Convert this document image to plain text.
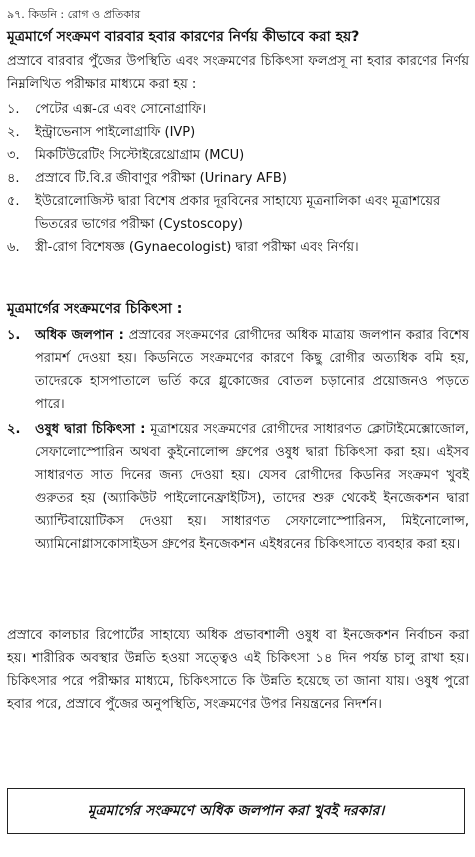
৯৭. কিডনি : রোগ ও প্রতিকার
মূত্রমার্গে সংক্রমণ বারবার হবার কারণের নির্ণয় কীভাবে করা হয়?
প্রস্রাবে বারবার পুঁজের উপস্থিতি এবং সংক্রমণের চিকিৎসা ফলপ্রসূ না হবার কারণের নির্ণয় নিম্নলিখিত পরীক্ষার মাধ্যমে করা হয় :
১.	পেটের এক্স-রে এবং সোনোগ্রাফি।
২.	ইন্ট্রাভেনাস পাইলোগ্রাফি (IVP)
৩.	মিকটিউরেটিং সিস্টোইরেথ্রোগ্রাম (MCU)
৪.	প্রস্রাবে টি.বি.র জীবাণুর পরীক্ষা (Urinary AFB)
৫.	ইউরোলোজিস্ট দ্বারা বিশেষ প্রকার দূরবিনের সাহায্যে মূত্রনালিকা এবং মূত্রাশয়ের ভিতরের ভাগের পরীক্ষা (Cystoscopy)
৬.	স্ত্রী-রোগ বিশেষজ্ঞ (Gynaecologist) দ্বারা পরীক্ষা এবং নির্ণয়।
মূত্রমার্গের সংক্রমণের চিকিৎসা :
১.	অধিক জলপান : প্রস্রাবের সংক্রমণের রোগীদের অধিক মাত্রায় জলপান করার বিশেষ পরামর্শ দেওয়া হয়। কিডনিতে সংক্রমণের কারণে কিছু রোগীর অত্যধিক বমি হয়, তাদেরকে হাসপাতালে ভর্তি করে গ্লুকোজের বোতল চড়ানোর প্রয়োজনও পড়তে পারে।
২.	ওষুধ দ্বারা চিকিৎসা : মূত্রাশয়ের সংক্রমণের রোগীদের সাধারণত ক্লোটাইমেক্সোজোল, সেফালোস্পোরিন অথবা কুইনোলোন্স গ্রুপের ওষুধ দ্বারা চিকিৎসা করা হয়। এইসব সাধারণত সাত দিনের জন্য দেওয়া হয়। যেসব রোগীদের কিডনির সংক্রমণ খুবই গুরুতর হয় (অ্যাকিউট পাইলোনেফ্রাইটিস), তাদের শুরু থেকেই ইনজেকশন দ্বারা অ্যান্টিবায়োটিকস দেওয়া হয়। সাধারণত সেফালোস্পোরিনস, মিইনোলোন্স, অ্যামিনোগ্লাসকোসাইডস গ্রুপের ইনজেকশন এইধরনের চিকিৎসাতে ব্যবহার করা হয়।
প্রস্রাবে কালচার রিপোর্টের সাহায্যে অধিক প্রভাবশালী ওষুধ বা ইনজেকশন নির্বাচন করা হয়। শারীরিক অবস্থার উন্নতি হওয়া সত্ত্বেও এই চিকিৎসা ১৪ দিন পর্যন্ত চালু রাখা হয়। চিকিৎসার পরে পরীক্ষার মাধ্যমে, চিকিৎসাতে কি উন্নতি হয়েছে তা জানা যায়। ওষুধ পুরো হবার পরে, প্রস্রাবে পুঁজের অনুপস্থিতি, সংক্রমণের উপর নিয়ন্ত্রনের নিদর্শন।
মূত্রমার্গের সংক্রমণে অধিক জলপান করা খুবই দরকার।
